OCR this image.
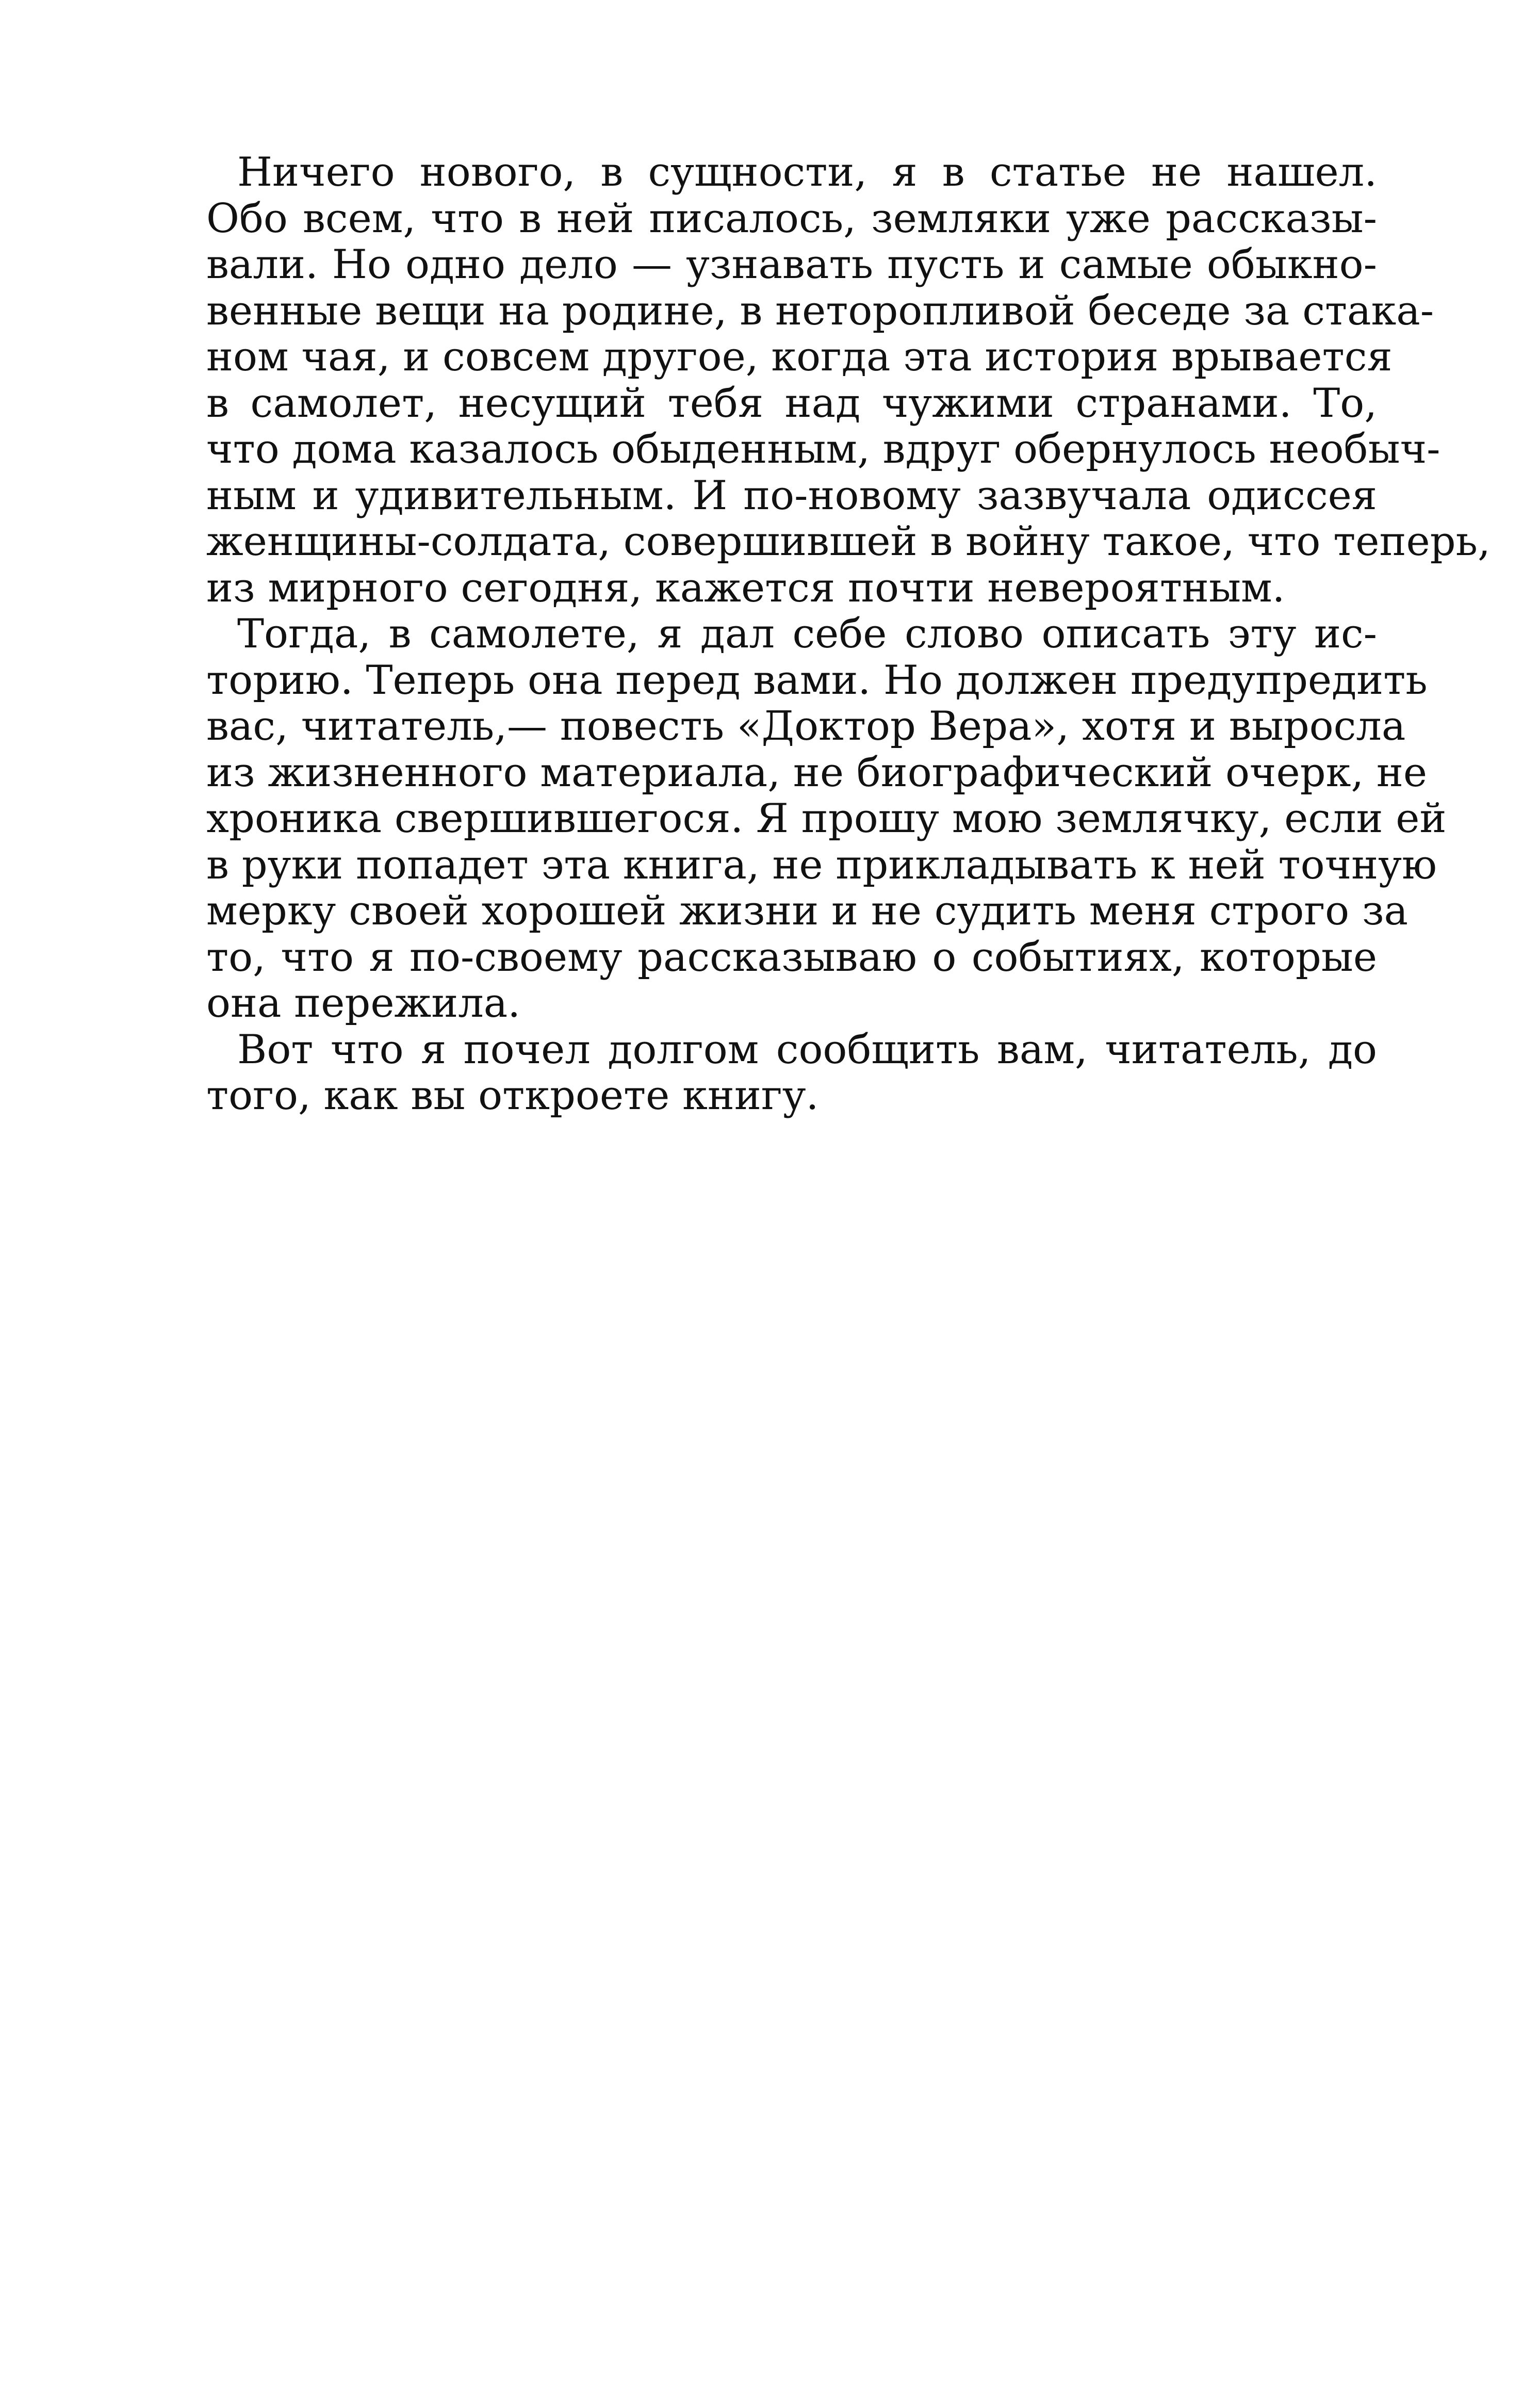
Ничего нового, в сущности, я в статье не нашел.
Обо всем, что в ней писалось, земляки уже рассказы-
вали. Но одно дело — узнавать пусть и самые обыкно-
венные вещи на родине, в неторопливой беседе за стака-
ном чая, и совсем другое, когда эта история врывается
в самолет, несущий тебя над чужими странами. То,
что дома казалось обыденным, вдруг обернулось необыч-
ным и удивительным. И по-новому зазвучала одиссея
женщины-солдата, совершившей в войну такое, что теперь,
из мирного сегодня, кажется почти невероятным.

Тогда, в самолете, я дал себе слово описать эту ис-
торию. Теперь она перед вами. Но должен предупредить
вас, читатель,— повесть «Доктор Вера», хотя и выросла
из жизненного материала, не биографический очерк, не
хроника свершившегося. Я прошу мою землячку, если ей
в руки попадет эта книга, не прикладывать к ней точную
мерку своей хорошей жизни и не судить меня строго за
то, что я по-своему рассказываю о событиях, которые
она пережила.

Вот что я почел долгом сообщить вам, читатель, до
того, как вы откроете книгу.
